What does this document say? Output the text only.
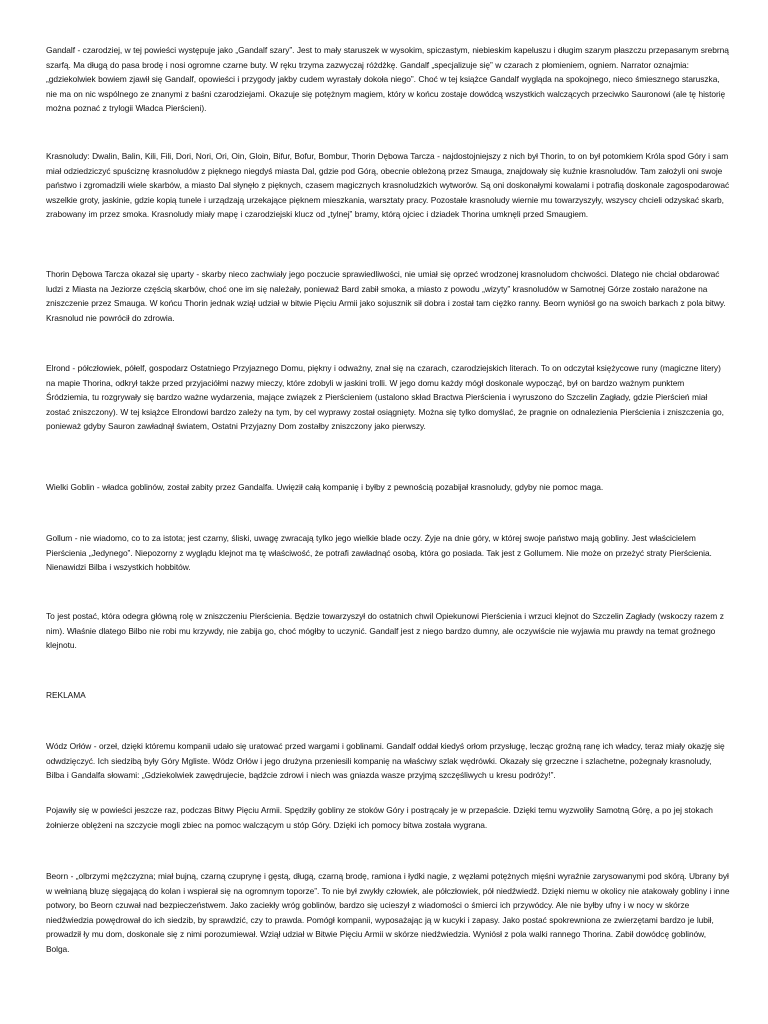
Gandalf - czarodziej, w tej powieści występuje jako „Gandalf szary”. Jest to mały staruszek w wysokim, spiczastym, niebieskim kapeluszu i długim szarym płaszczu przepasanym srebrną szarfą. Ma długą do pasa brodę i nosi ogromne czarne buty. W ręku trzyma zazwyczaj różdżkę. Gandalf „specjalizuje się” w czarach z płomieniem, ogniem. Narrator oznajmia: „gdziekolwiek bowiem zjawił się Gandalf, opowieści i przygody jakby cudem wyrastały dokoła niego”. Choć w tej książce Gandalf wygląda na spokojnego, nieco śmiesznego staruszka, nie ma on nic wspólnego ze znanymi z baśni czarodziejami. Okazuje się potężnym magiem, który w końcu zostaje dowódcą wszystkich walczących przeciwko Sauronowi (ale tę historię można poznać z trylogii Władca Pierścieni).

Krasnoludy: Dwalin, Balin, Kili, Fili, Dori, Nori, Ori, Oin, Gloin, Bifur, Bofur, Bombur, Thorin Dębowa Tarcza - najdostojniejszy z nich był Thorin, to on był potomkiem Króla spod Góry i sam miał odziedziczyć spuściznę krasnoludów z pięknego niegdyś miasta Dal, gdzie pod Górą, obecnie obleżoną przez Smauga, znajdowały się kuźnie krasnoludów. Tam założyli oni swoje państwo i zgromadzili wiele skarbów, a miasto Dal słynęło z pięknych, czasem magicznych krasnoludzkich wytworów. Są oni doskonałymi kowalami i potrafią doskonale zagospodarować wszelkie groty, jaskinie, gdzie kopią tunele i urządzają urzekające pięknem mieszkania, warsztaty pracy. Pozostałe krasnoludy wiernie mu towarzyszyły, wszyscy chcieli odzyskać skarb, zrabowany im przez smoka. Krasnoludy miały mapę i czarodziejski klucz od „tylnej” bramy, którą ojciec i dziadek Thorina umknęli przed Smaugiem.

Thorin Dębowa Tarcza okazał się uparty - skarby nieco zachwiały jego poczucie sprawiedliwości, nie umiał się oprzeć wrodzonej krasnoludom chciwości. Dlatego nie chciał obdarować ludzi z Miasta na Jeziorze częścią skarbów, choć one im się należały, ponieważ Bard zabił smoka, a miasto z powodu „wizyty” krasnoludów w Samotnej Górze zostało narażone na zniszczenie przez Smauga. W końcu Thorin jednak wziął udział w bitwie Pięciu Armii jako sojusznik sił dobra i został tam ciężko ranny. Beorn wyniósł go na swoich barkach z pola bitwy. Krasnolud nie powrócił do zdrowia.

Elrond - półczłowiek, półelf, gospodarz Ostatniego Przyjaznego Domu, piękny i odważny, znał się na czarach, czarodziejskich literach. To on odczytał księżycowe runy (magiczne litery) na mapie Thorina, odkrył także przed przyjaciółmi nazwy mieczy, które zdobyli w jaskini trolli. W jego domu każdy mógł doskonale wypocząć, był on bardzo ważnym punktem Śródziemia, tu rozgrywały się bardzo ważne wydarzenia, mające związek z Pierścieniem (ustalono skład Bractwa Pierścienia i wyruszono do Szczelin Zagłady, gdzie Pierścień miał zostać zniszczony). W tej książce Elrondowi bardzo zależy na tym, by cel wyprawy został osiągnięty. Można się tylko domyślać, że pragnie on odnalezienia Pierścienia i zniszczenia go, ponieważ gdyby Sauron zawładnął światem, Ostatni Przyjazny Dom zostałby zniszczony jako pierwszy.

Wielki Goblin - władca goblinów, został zabity przez Gandalfa. Uwięził całą kompanię i byłby z pewnością pozabijał krasnoludy, gdyby nie pomoc maga.

Gollum - nie wiadomo, co to za istota; jest czarny, śliski, uwagę zwracają tylko jego wielkie blade oczy. Żyje na dnie góry, w której swoje państwo mają gobliny. Jest właścicielem Pierścienia „Jedynego”. Niepozorny z wyglądu klejnot ma tę właściwość, że potrafi zawładnąć osobą, która go posiada. Tak jest z Gollumem. Nie może on przeżyć straty Pierścienia. Nienawidzi Bilba i wszystkich hobbitów.

To jest postać, która odegra główną rolę w zniszczeniu Pierścienia. Będzie towarzyszył do ostatnich chwil Opiekunowi Pierścienia i wrzuci klejnot do Szczelin Zagłady (wskoczy razem z nim). Właśnie dlatego Bilbo nie robi mu krzywdy, nie zabija go, choć mógłby to uczynić. Gandalf jest z niego bardzo dumny, ale oczywiście nie wyjawia mu prawdy na temat groźnego klejnotu.

REKLAMA

Wódz Orłów - orzeł, dzięki któremu kompanii udało się uratować przed wargami i goblinami. Gandalf oddał kiedyś orłom przysługę, lecząc groźną ranę ich władcy, teraz miały okazję się odwdzięczyć. Ich siedzibą były Góry Mgliste. Wódz Orłów i jego drużyna przeniesili kompanię na właściwy szlak wędrówki. Okazały się grzeczne i szlachetne, pożegnały krasnoludy, Bilba i Gandalfa słowami: „Gdziekolwiek zawędrujecie, bądźcie zdrowi i niech was gniazda wasze przyjmą szczęśliwych u kresu podróży!”.

Pojawiły się w powieści jeszcze raz, podczas Bitwy Pięciu Armii. Spędziły gobliny ze stoków Góry i postrącały je w przepaście. Dzięki temu wyzwoliły Samotną Górę, a po jej stokach żołnierze oblężeni na szczycie mogli zbiec na pomoc walczącym u stóp Góry. Dzięki ich pomocy bitwa została wygrana.

Beorn - „olbrzymi mężczyzna; miał bujną, czarną czuprynę i gęstą, długą, czarną brodę, ramiona i łydki nagie, z węzłami potężnych mięśni wyraźnie zarysowanymi pod skórą. Ubrany był w wełnianą bluzę sięgającą do kolan i wspierał się na ogromnym toporze”. To nie był zwykły człowiek, ale półczłowiek, pół niedźwiedź. Dzięki niemu w okolicy nie atakowały gobliny i inne potwory, bo Beorn czuwał nad bezpieczeństwem. Jako zaciekły wróg goblinów, bardzo się ucieszył z wiadomości o śmierci ich przywódcy. Ale nie byłby ufny i w nocy w skórze niedźwiedzia powędrował do ich siedzib, by sprawdzić, czy to prawda. Pomógł kompanii, wyposażając ją w kucyki i zapasy. Jako postać spokrewniona ze zwierzętami bardzo je lubił, prowadził ły mu dom, doskonale się z nimi porozumiewał. Wziął udział w Bitwie Pięciu Armii w skórze niedźwiedzia. Wyniósł z pola walki rannego Thorina. Zabił dowódcę goblinów, Bolga.
